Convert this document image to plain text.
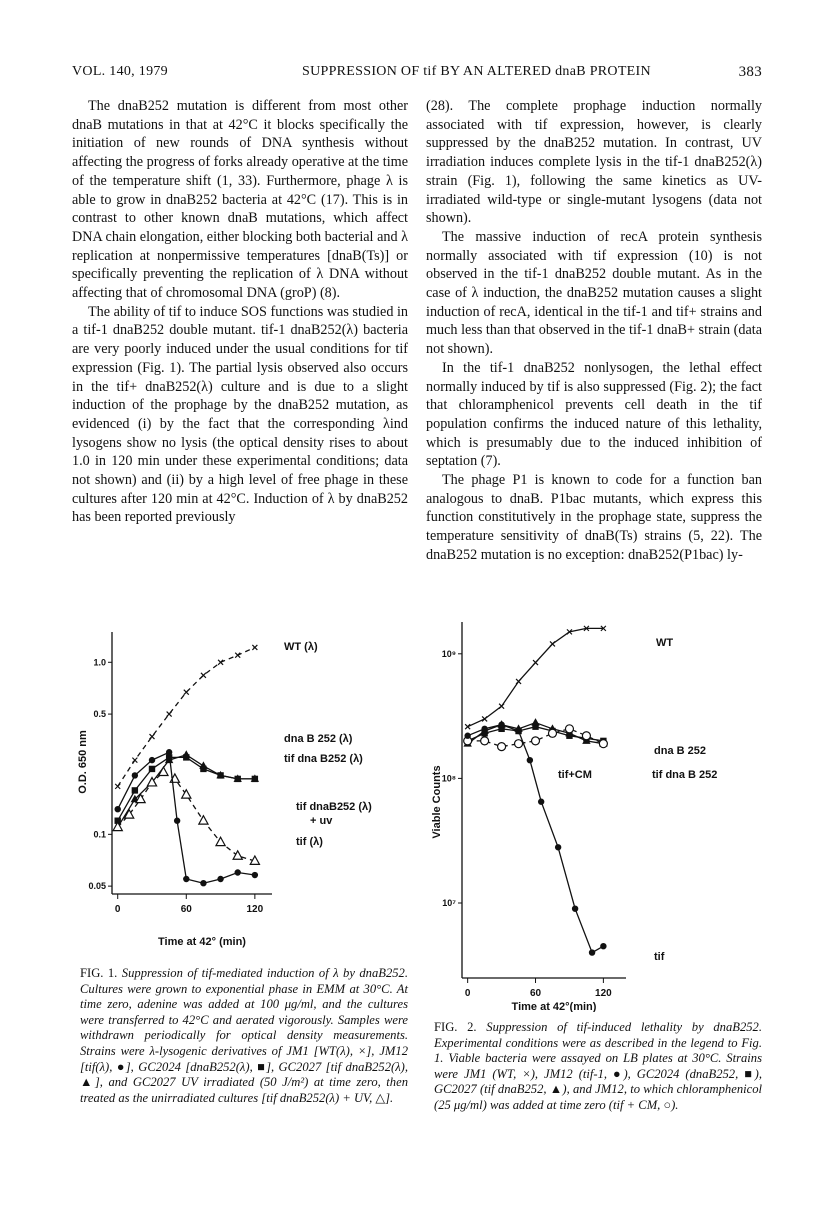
VOL. 140, 1979	SUPPRESSION OF tif BY AN ALTERED dnaB PROTEIN	383

The dnaB252 mutation is different from most other dnaB mutations in that at 42°C it blocks specifically the initiation of new rounds of DNA synthesis without affecting the progress of forks already operative at the time of the temperature shift (1, 33). Furthermore, phage λ is able to grow in dnaB252 bacteria at 42°C (17). This is in contrast to other known dnaB mutations, which affect DNA chain elongation, either blocking both bacterial and λ replication at nonpermissive temperatures [dnaB(Ts)] or specifically preventing the replication of λ DNA without affecting that of chromosomal DNA (groP) (8).

The ability of tif to induce SOS functions was studied in a tif-1 dnaB252 double mutant. tif-1 dnaB252(λ) bacteria are very poorly induced under the usual conditions for tif expression (Fig. 1). The partial lysis observed also occurs in the tif+ dnaB252(λ) culture and is due to a slight induction of the prophage by the dnaB252 mutation, as evidenced (i) by the fact that the corresponding λind lysogens show no lysis (the optical density rises to about 1.0 in 120 min under these experimental conditions; data not shown) and (ii) by a high level of free phage in these cultures after 120 min at 42°C. Induction of λ by dnaB252 has been reported previously

(28). The complete prophage induction normally associated with tif expression, however, is clearly suppressed by the dnaB252 mutation. In contrast, UV irradiation induces complete lysis in the tif-1 dnaB252(λ) strain (Fig. 1), following the same kinetics as UV-irradiated wild-type or single-mutant lysogens (data not shown).

The massive induction of recA protein synthesis normally associated with tif expression (10) is not observed in the tif-1 dnaB252 double mutant. As in the case of λ induction, the dnaB252 mutation causes a slight induction of recA, identical in the tif-1 and tif+ strains and much less than that observed in the tif-1 dnaB+ strain (data not shown).

In the tif-1 dnaB252 nonlysogen, the lethal effect normally induced by tif is also suppressed (Fig. 2); the fact that chloramphenicol prevents cell death in the tif population confirms the induced nature of this lethality, which is presumably due to the induced inhibition of septation (7).

The phage P1 is known to code for a function ban analogous to dnaB. P1bac mutants, which express this function constitutively in the prophage state, suppress the temperature sensitivity of dnaB(Ts) strains (5, 22). The dnaB252 mutation is no exception: dnaB252(P1bac) ly-

0	60	120
1.0
0.5
0.1
0.05
Time at 42° (min)
O.D. 650 nm
WT (λ)
dna B 252 (λ)
tif dna B252 (λ)
tif dnaB252 (λ)
+ uv
tif (λ)
FIG. 1. Suppression of tif-mediated induction of λ by dnaB252. Cultures were grown to exponential phase in EMM at 30°C. At time zero, adenine was added at 100 μg/ml, and the cultures were transferred to 42°C and aerated vigorously. Samples were withdrawn periodically for optical density measurements. Strains were λ-lysogenic derivatives of JM1 [WT(λ), ×], JM12 [tif(λ), ●], GC2024 [dnaB252(λ), ■], GC2027 [tif dnaB252(λ), ▲], and GC2027 UV irradiated (50 J/m²) at time zero, then treated as the unirradiated cultures [tif dnaB252(λ) + UV, △].
0	60	120
10⁹
10⁸
10⁷
Time at 42°(min)
Viable Counts
WT
dna B 252
tif dna B 252
tif+CM
tif
FIG. 2. Suppression of tif-induced lethality by dnaB252. Experimental conditions were as described in the legend to Fig. 1. Viable bacteria were assayed on LB plates at 30°C. Strains were JM1 (WT, ×), JM12 (tif-1, ●), GC2024 (dnaB252, ■), GC2027 (tif dnaB252, ▲), and JM12, to which chloramphenicol (25 μg/ml) was added at time zero (tif + CM, ○).
